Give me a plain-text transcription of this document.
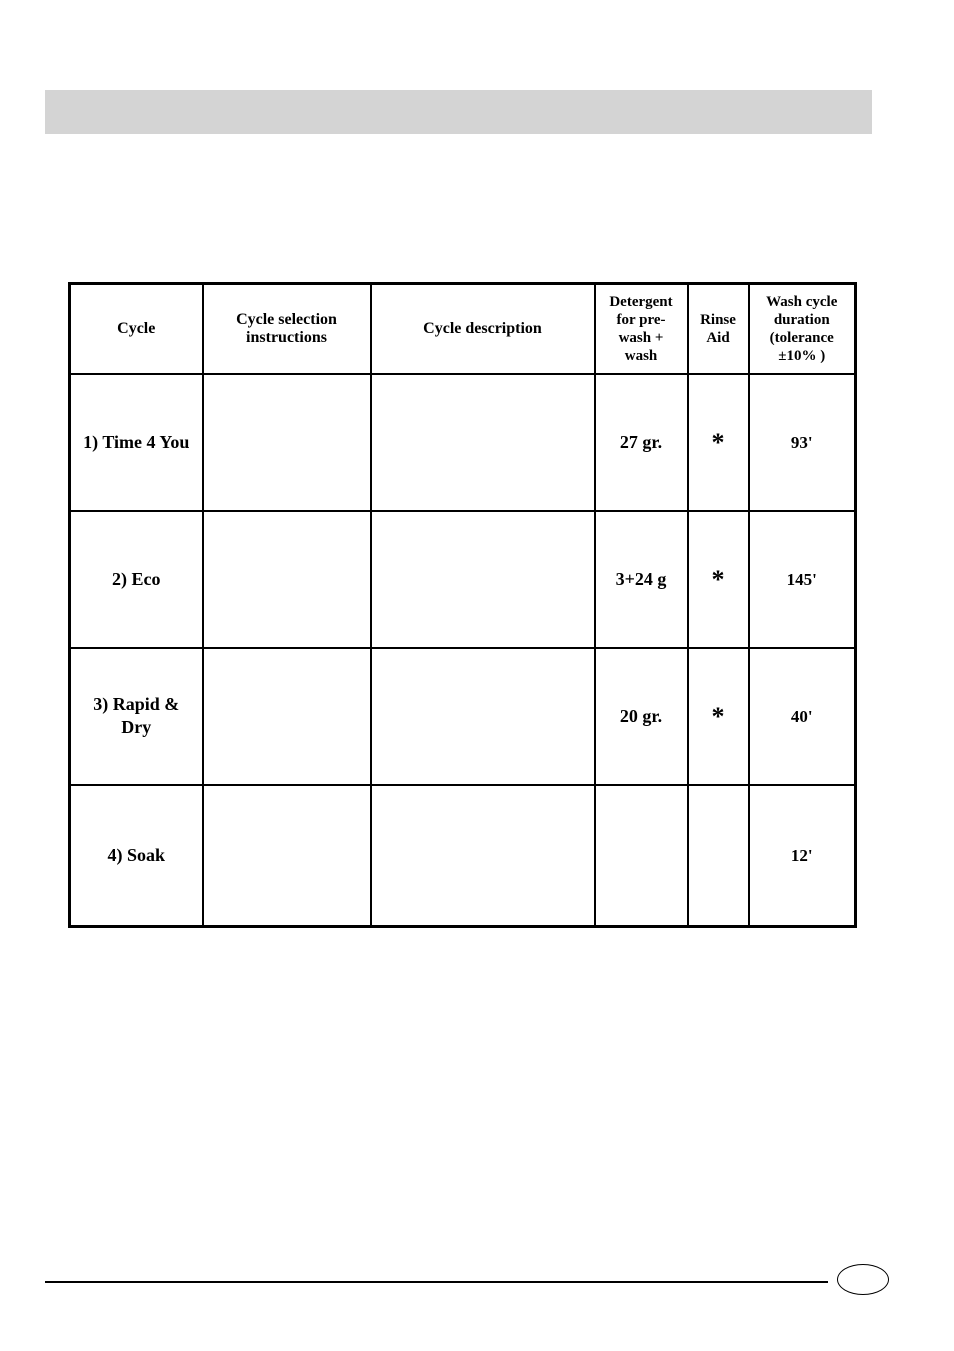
Cycle	Cycle selection instructions	Cycle description	Detergent for pre-wash + wash	Rinse Aid	Wash cycle duration (tolerance ±10% )
1) Time 4 You			27 gr.	*	93'
2) Eco			3+24 g	*	145'
3) Rapid & Dry			20 gr.	*	40'
4) Soak					12'
